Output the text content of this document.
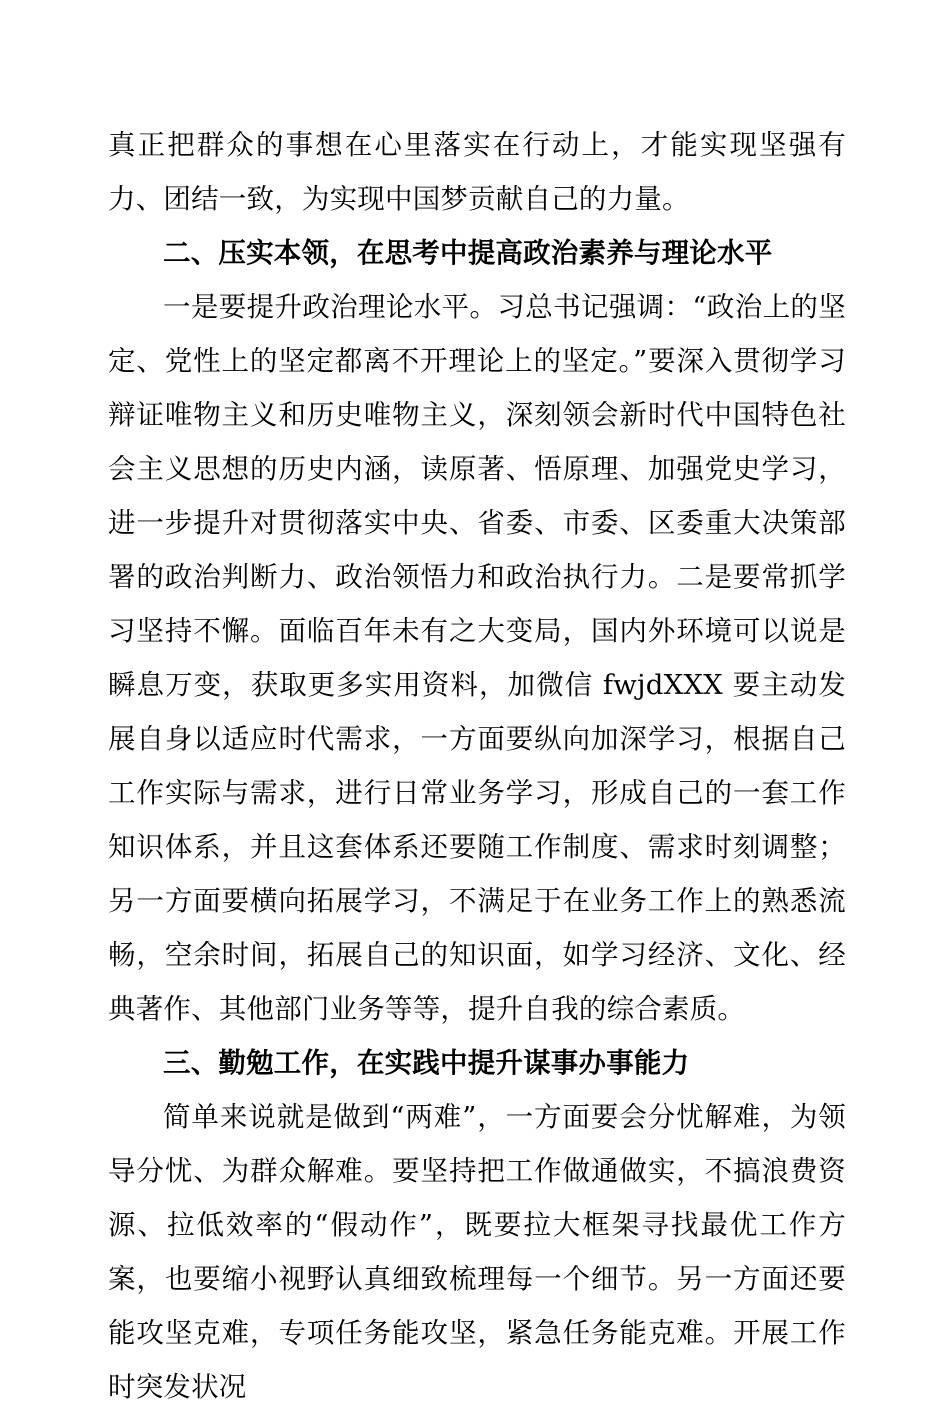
真正把群众的事想在心里落实在行动上，才能实现坚强有力、团结一致，为实现中国梦贡献自己的力量。

二、压实本领，在思考中提高政治素养与理论水平

一是要提升政治理论水平。习总书记强调：“政治上的坚定、党性上的坚定都离不开理论上的坚定。”要深入贯彻学习辩证唯物主义和历史唯物主义，深刻领会新时代中国特色社会主义思想的历史内涵，读原著、悟原理、加强党史学习，进一步提升对贯彻落实中央、省委、市委、区委重大决策部署的政治判断力、政治领悟力和政治执行力。二是要常抓学习坚持不懈。面临百年未有之大变局，国内外环境可以说是瞬息万变，获取更多实用资料，加微信 fwjdXXX 要主动发展自身以适应时代需求，一方面要纵向加深学习，根据自己工作实际与需求，进行日常业务学习，形成自己的一套工作知识体系，并且这套体系还要随工作制度、需求时刻调整；另一方面要横向拓展学习，不满足于在业务工作上的熟悉流畅，空余时间，拓展自己的知识面，如学习经济、文化、经典著作、其他部门业务等等，提升自我的综合素质。

三、勤勉工作，在实践中提升谋事办事能力

简单来说就是做到“两难”，一方面要会分忧解难，为领导分忧、为群众解难。要坚持把工作做通做实，不搞浪费资源、拉低效率的“假动作”，既要拉大框架寻找最优工作方案，也要缩小视野认真细致梳理每一个细节。另一方面还要能攻坚克难，专项任务能攻坚，紧急任务能克难。开展工作时突发状况
